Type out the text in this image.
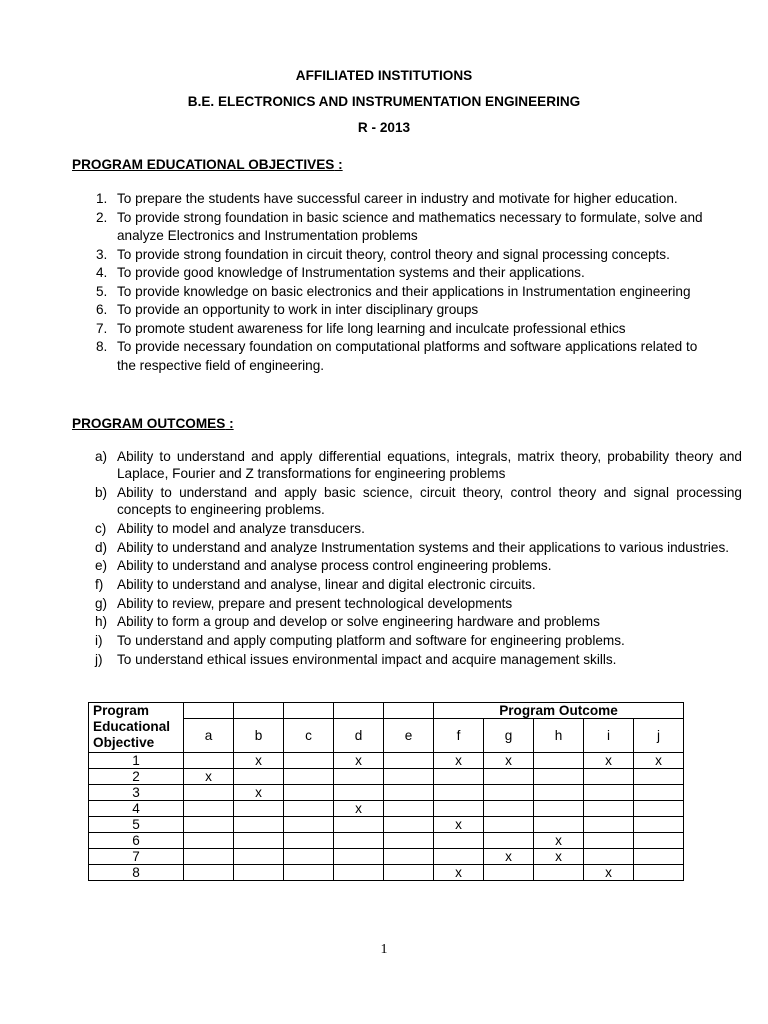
AFFILIATED INSTITUTIONS
B.E. ELECTRONICS AND INSTRUMENTATION ENGINEERING
R - 2013
PROGRAM EDUCATIONAL OBJECTIVES :
1. To prepare the students have successful career in industry and motivate for higher education.
2. To provide strong foundation in basic science and mathematics necessary to formulate, solve and analyze Electronics and Instrumentation problems
3. To provide strong foundation in circuit theory, control theory and signal processing concepts.
4. To provide good knowledge of Instrumentation systems and their applications.
5. To provide knowledge on basic electronics and their applications in Instrumentation engineering
6. To provide an opportunity to work in inter disciplinary groups
7. To promote student awareness for life long learning and inculcate professional ethics
8. To provide necessary foundation on computational platforms and software applications related to the respective field of engineering.
PROGRAM OUTCOMES :
a) Ability to understand and apply differential equations, integrals, matrix theory, probability theory and Laplace, Fourier and Z transformations for engineering problems
b) Ability to understand and apply basic science, circuit theory, control theory and signal processing concepts to engineering problems.
c) Ability to model and analyze transducers.
d) Ability to understand and analyze Instrumentation systems and their applications to various industries.
e) Ability to understand and analyse process control engineering problems.
f) Ability to understand and analyse, linear and digital electronic circuits.
g) Ability to review, prepare and present technological developments
h) Ability to form a group and develop or solve engineering hardware and problems
i) To understand and apply computing platform and software for engineering problems.
j) To understand ethical issues environmental impact and acquire management skills.
Program Educational Objective						Program Outcome				
	a	b	c	d	e	f	g	h	i	j
1		x		x		x	x		x	x
2	x									
3		x								
4				x						
5						x				
6								x		
7							x	x		
8						x			x	
1
